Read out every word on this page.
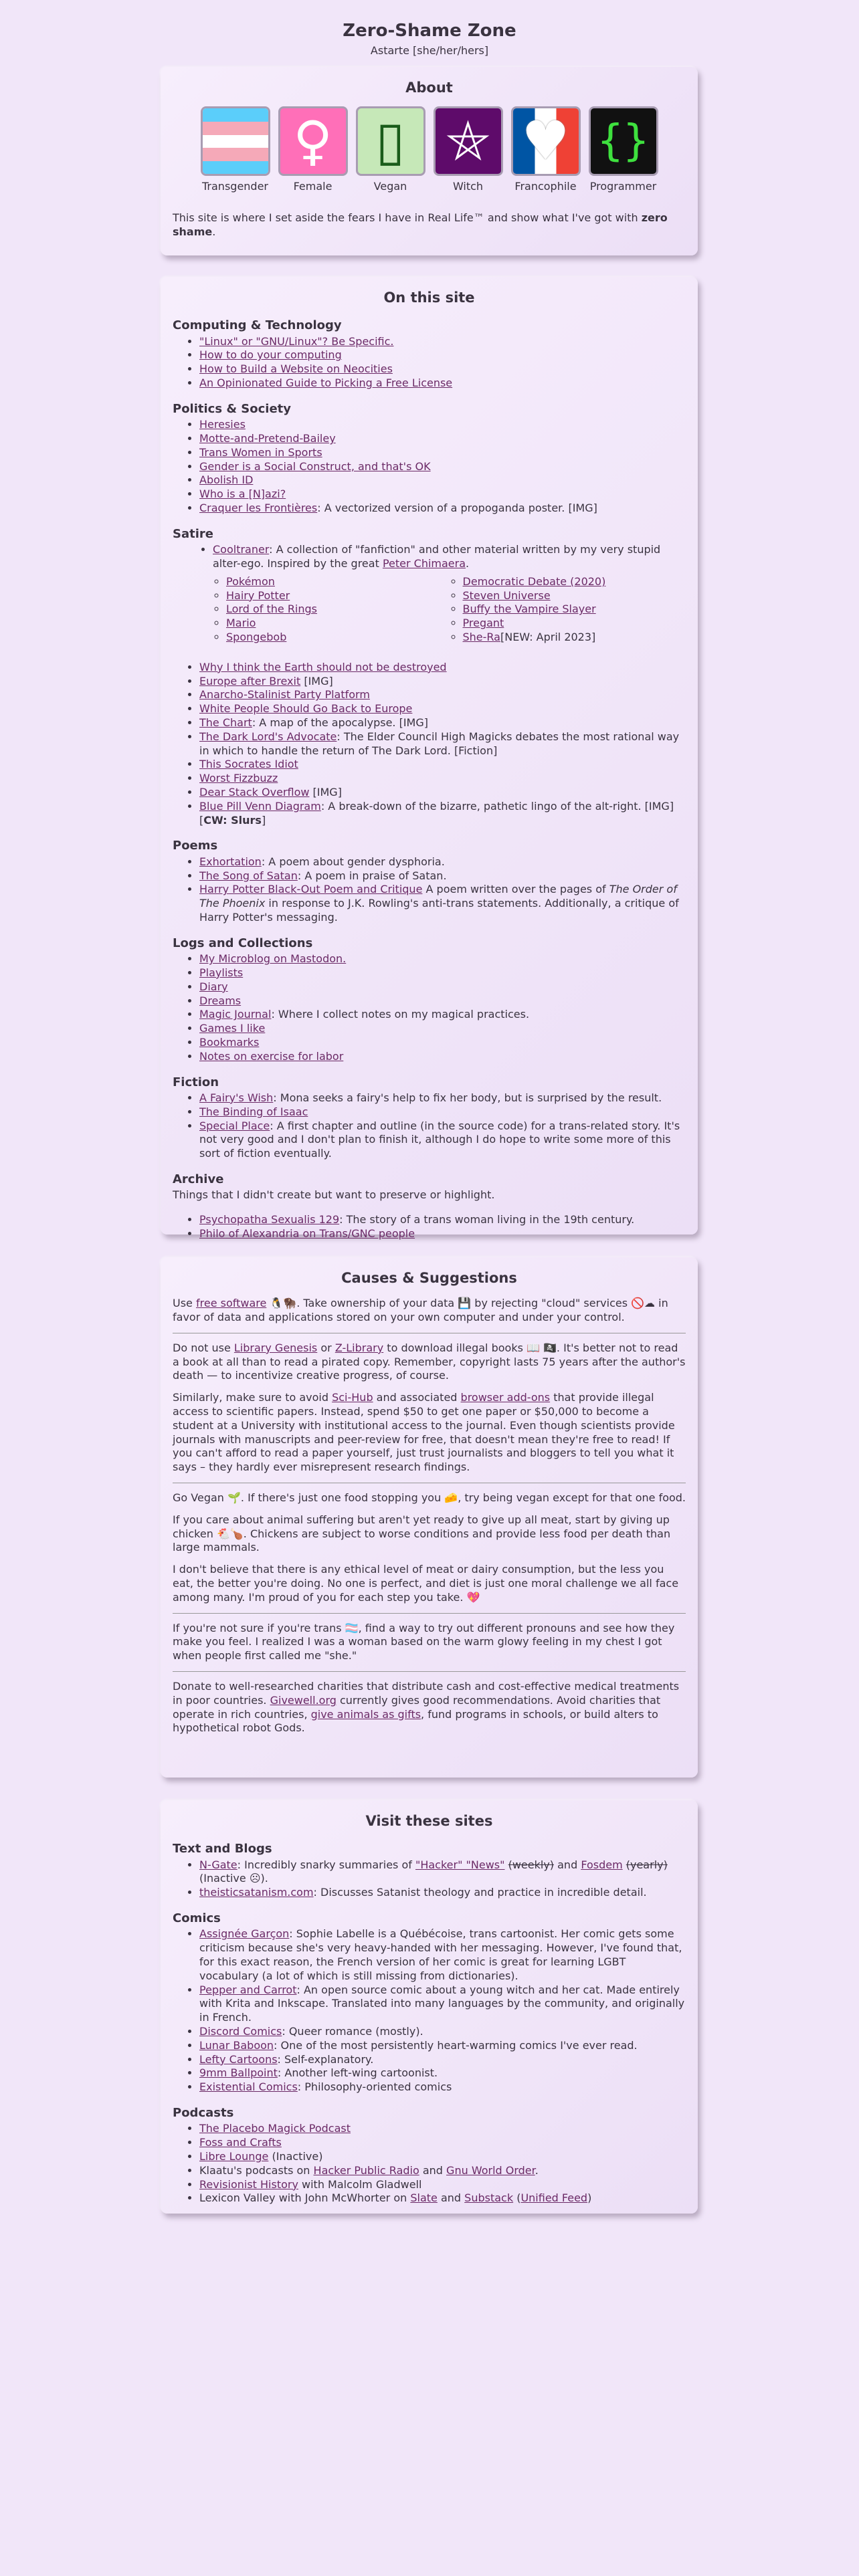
Zero-Shame Zone
Astarte [she/her/hers]
About
Transgender
♀
Female
▯
Vegan
⛤
Witch
♥
Francophile
{}
Programmer

This site is where I set aside the fears I have in Real Life™ and show what I've got with zero shame.

On this site
Computing & Technology
• "Linux" or "GNU/Linux"? Be Specific.
• How to do your computing
• How to Build a Website on Neocities
• An Opinionated Guide to Picking a Free License
Politics & Society
• Heresies
• Motte-and-Pretend-Bailey
• Trans Women in Sports
• Gender is a Social Construct, and that's OK
• Abolish ID
• Who is a [N]azi?
• Craquer les Frontières: A vectorized version of a propoganda poster. [IMG]
Satire
• Cooltraner: A collection of "fanfiction" and other material written by my very stupid alter-ego. Inspired by the great Peter Chimaera.
◦ Pokémon
◦ Hairy Potter
◦ Lord of the Rings
◦ Mario
◦ Spongebob
◦ Democratic Debate (2020)
◦ Steven Universe
◦ Buffy the Vampire Slayer
◦ Pregant
◦ She-Ra[NEW: April 2023]
• Why I think the Earth should not be destroyed
• Europe after Brexit [IMG]
• Anarcho-Stalinist Party Platform
• White People Should Go Back to Europe
• The Chart: A map of the apocalypse. [IMG]
• The Dark Lord's Advocate: The Elder Council High Magicks debates the most rational way in which to handle the return of The Dark Lord. [Fiction]
• This Socrates Idiot
• Worst Fizzbuzz
• Dear Stack Overflow [IMG]
• Blue Pill Venn Diagram: A break-down of the bizarre, pathetic lingo of the alt-right. [IMG] [CW: Slurs]
Poems
• Exhortation: A poem about gender dysphoria.
• The Song of Satan: A poem in praise of Satan.
• Harry Potter Black-Out Poem and Critique A poem written over the pages of The Order of The Phoenix in response to J.K. Rowling's anti-trans statements. Additionally, a critique of Harry Potter's messaging.
Logs and Collections
• My Microblog on Mastodon.
• Playlists
• Diary
• Dreams
• Magic Journal: Where I collect notes on my magical practices.
• Games I like
• Bookmarks
• Notes on exercise for labor
Fiction
• A Fairy's Wish: Mona seeks a fairy's help to fix her body, but is surprised by the result.
• The Binding of Isaac
• Special Place: A first chapter and outline (in the source code) for a trans-related story. It's not very good and I don't plan to finish it, although I do hope to write some more of this sort of fiction eventually.
Archive
Things that I didn't create but want to preserve or highlight.
• Psychopatha Sexualis 129: The story of a trans woman living in the 19th century.
• Philo of Alexandria on Trans/GNC people
Causes & Suggestions

Use free software 🐧🦬. Take ownership of your data 💾 by rejecting "cloud" services 🚫☁ in favor of data and applications stored on your own computer and under your control.

Do not use Library Genesis or Z-Library to download illegal books 📖 🏴‍☠️. It's better not to read a book at all than to read a pirated copy. Remember, copyright lasts 75 years after the author's death — to incentivize creative progress, of course.

Similarly, make sure to avoid Sci-Hub and associated browser add-ons that provide illegal access to scientific papers. Instead, spend $50 to get one paper or $50,000 to become a student at a University with institutional access to the journal. Even though scientists provide journals with manuscripts and peer-review for free, that doesn't mean they're free to read! If you can't afford to read a paper yourself, just trust journalists and bloggers to tell you what it says – they hardly ever misrepresent research findings.

Go Vegan 🌱. If there's just one food stopping you 🧀, try being vegan except for that one food.

If you care about animal suffering but aren't yet ready to give up all meat, start by giving up chicken 🐔🍗. Chickens are subject to worse conditions and provide less food per death than large mammals.

I don't believe that there is any ethical level of meat or dairy consumption, but the less you eat, the better you're doing. No one is perfect, and diet is just one moral challenge we all face among many. I'm proud of you for each step you take. 💖

If you're not sure if you're trans 🏳️‍⚧️, find a way to try out different pronouns and see how they make you feel. I realized I was a woman based on the warm glowy feeling in my chest I got when people first called me "she."

Donate to well-researched charities that distribute cash and cost-effective medical treatments in poor countries. Givewell.org currently gives good recommendations. Avoid charities that operate in rich countries, give animals as gifts, fund programs in schools, or build alters to hypothetical robot Gods.

Visit these sites
Text and Blogs
• N-Gate: Incredibly snarky summaries of "Hacker" "News" (weekly) and Fosdem (yearly) (Inactive ☹).
• theisticsatanism.com: Discusses Satanist theology and practice in incredible detail.
Comics
• Assignée Garçon: Sophie Labelle is a Québécoise, trans cartoonist. Her comic gets some criticism because she's very heavy-handed with her messaging. However, I've found that, for this exact reason, the French version of her comic is great for learning LGBT vocabulary (a lot of which is still missing from dictionaries).
• Pepper and Carrot: An open source comic about a young witch and her cat. Made entirely with Krita and Inkscape. Translated into many languages by the community, and originally in French.
• Discord Comics: Queer romance (mostly).
• Lunar Baboon: One of the most persistently heart-warming comics I've ever read.
• Lefty Cartoons: Self-explanatory.
• 9mm Ballpoint: Another left-wing cartoonist.
• Existential Comics: Philosophy-oriented comics
Podcasts
• The Placebo Magick Podcast
• Foss and Crafts
• Libre Lounge (Inactive)
• Klaatu's podcasts on Hacker Public Radio and Gnu World Order.
• Revisionist History with Malcolm Gladwell
• Lexicon Valley with John McWhorter on Slate and Substack (Unified Feed)
